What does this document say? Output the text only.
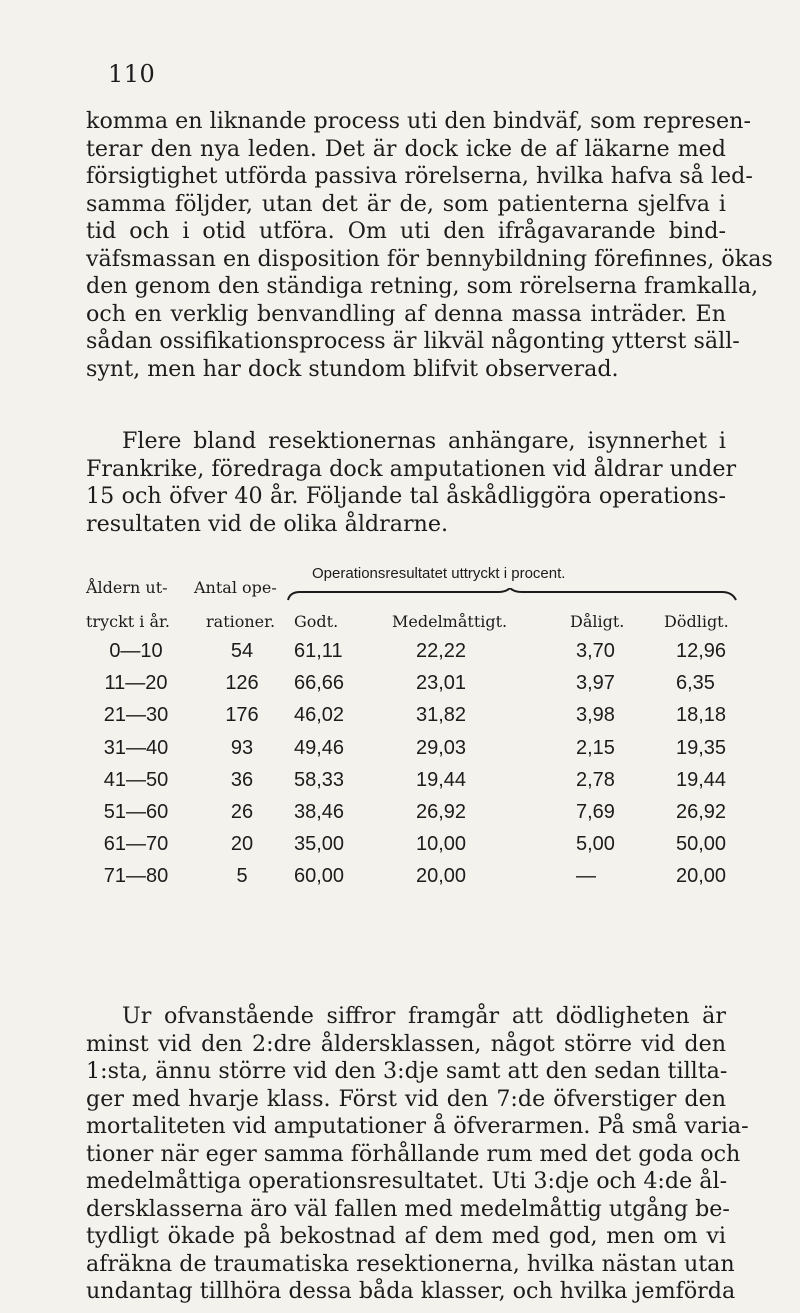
110
komma en liknande process uti den bindväf, som represen-
terar den nya leden. Det är dock icke de af läkarne med
försigtighet utförda passiva rörelserna, hvilka hafva så led-
samma följder, utan det är de, som patienterna sjelfva i
tid och i otid utföra. Om uti den ifrågavarande bind-
väfsmassan en disposition för bennybildning förefinnes, ökas
den genom den ständiga retning, som rörelserna framkalla,
och en verklig benvandling af denna massa inträder. En
sådan ossifikationsprocess är likväl någonting ytterst säll-
synt, men har dock stundom blifvit observerad.
Flere bland resektionernas anhängare, isynnerhet i
Frankrike, föredraga dock amputationen vid åldrar under
15 och öfver 40 år. Följande tal åskådliggöra operations-
resultaten vid de olika åldrarne.
Åldern ut-
tryckt i år.
Antal ope-
rationer.
Operationsresultatet uttryckt i procent.
Godt.	Medelmåttigt.	Dåligt. Dödligt.
0—10	54	61,11	22,22	3,70	12,96
11—20	126	66,66	23,01	3,97	6,35
21—30	176	46,02	31,82	3,98	18,18
31—40	93	49,46	29,03	2,15	19,35
41—50	36	58,33	19,44	2,78	19,44
51—60	26	38,46	26,92	7,69	26,92
61—70	20	35,00	10,00	5,00	50,00
71—80	5	60,00	20,00	—	20,00
Ur ofvanstående siffror framgår att dödligheten är
minst vid den 2:dre åldersklassen, något större vid den
1:sta, ännu större vid den 3:dje samt att den sedan tillta-
ger med hvarje klass. Först vid den 7:de öfverstiger den
mortaliteten vid amputationer å öfverarmen. På små varia-
tioner när eger samma förhållande rum med det goda och
medelmåttiga operationsresultatet. Uti 3:dje och 4:de ål-
dersklasserna äro väl fallen med medelmåttig utgång be-
tydligt ökade på bekostnad af dem med god, men om vi
afräkna de traumatiska resektionerna, hvilka nästan utan
undantag tillhöra dessa båda klasser, och hvilka jemförda
